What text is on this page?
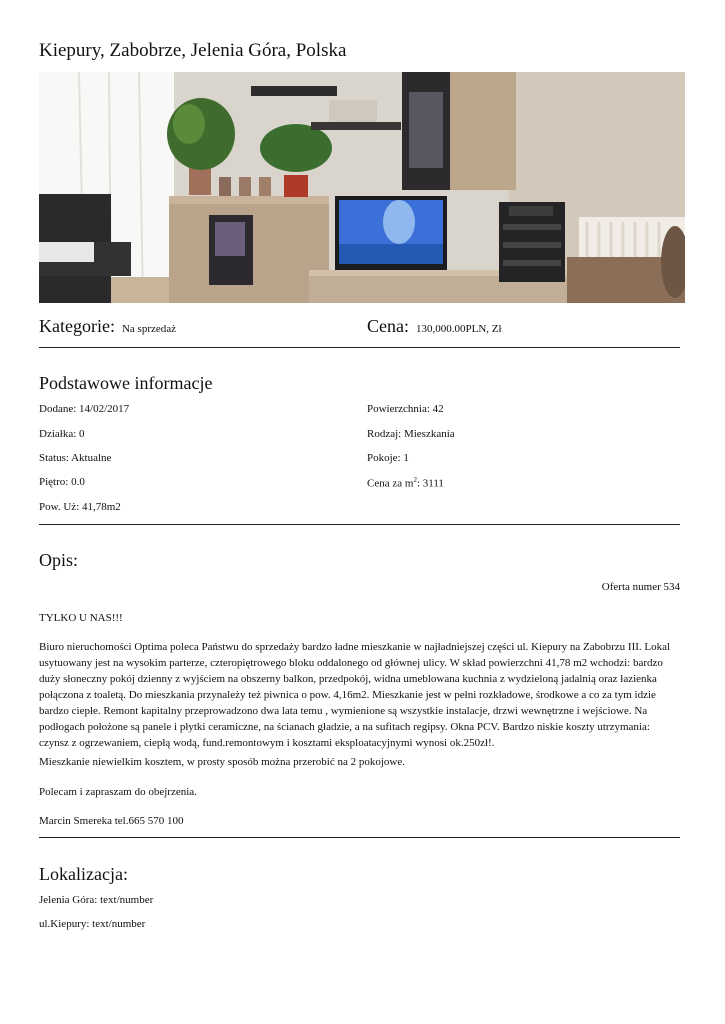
Kiepury, Zabobrze, Jelenia Góra, Polska
Kategorie: Na sprzedaż	Cena: 130,000.00PLN, Zł
Podstawowe informacje
Dodane: 14/02/2017
Działka: 0
Status: Aktualne
Piętro: 0.0
Pow. Uż: 41,78m2
Powierzchnia: 42
Rodzaj: Mieszkania
Pokoje: 1
Cena za $m^2$: 3111
Opis:
Oferta numer 534
TYLKO U NAS!!!
Biuro nieruchomości Optima poleca Państwu do sprzedaży bardzo ładne mieszkanie w najładniejszej części ul. Kiepury na Zabobrzu III. Lokal usytuowany jest na wysokim parterze, czteropiętrowego bloku oddalonego od głównej ulicy. W skład powierzchni 41,78 m2 wchodzi: bardzo duży słoneczny pokój dzienny z wyjściem na obszerny balkon, przedpokój, widna umeblowana kuchnia z wydzieloną jadalnią oraz łazienka połączona z toaletą. Do mieszkania przynależy też piwnica o pow. 4,16m2. Mieszkanie jest w pełni rozkładowe, środkowe a co za tym idzie bardzo ciepłe. Remont kapitalny przeprowadzono dwa lata temu , wymienione są wszystkie instalacje, drzwi wewnętrzne i wejściowe. Na podłogach położone są panele i płytki ceramiczne, na ścianach gładzie, a na sufitach regipsy. Okna PCV. Bardzo niskie koszty utrzymania: czynsz z ogrzewaniem, ciepłą wodą, fund.remontowym i kosztami eksploatacyjnymi wynosi ok.250zł!.
Mieszkanie niewielkim kosztem, w prosty sposób można przerobić na 2 pokojowe.
Polecam i zapraszam do obejrzenia.
Marcin Smereka tel.665 570 100
Lokalizacja:
Jelenia Góra: text/number
ul.Kiepury: text/number
